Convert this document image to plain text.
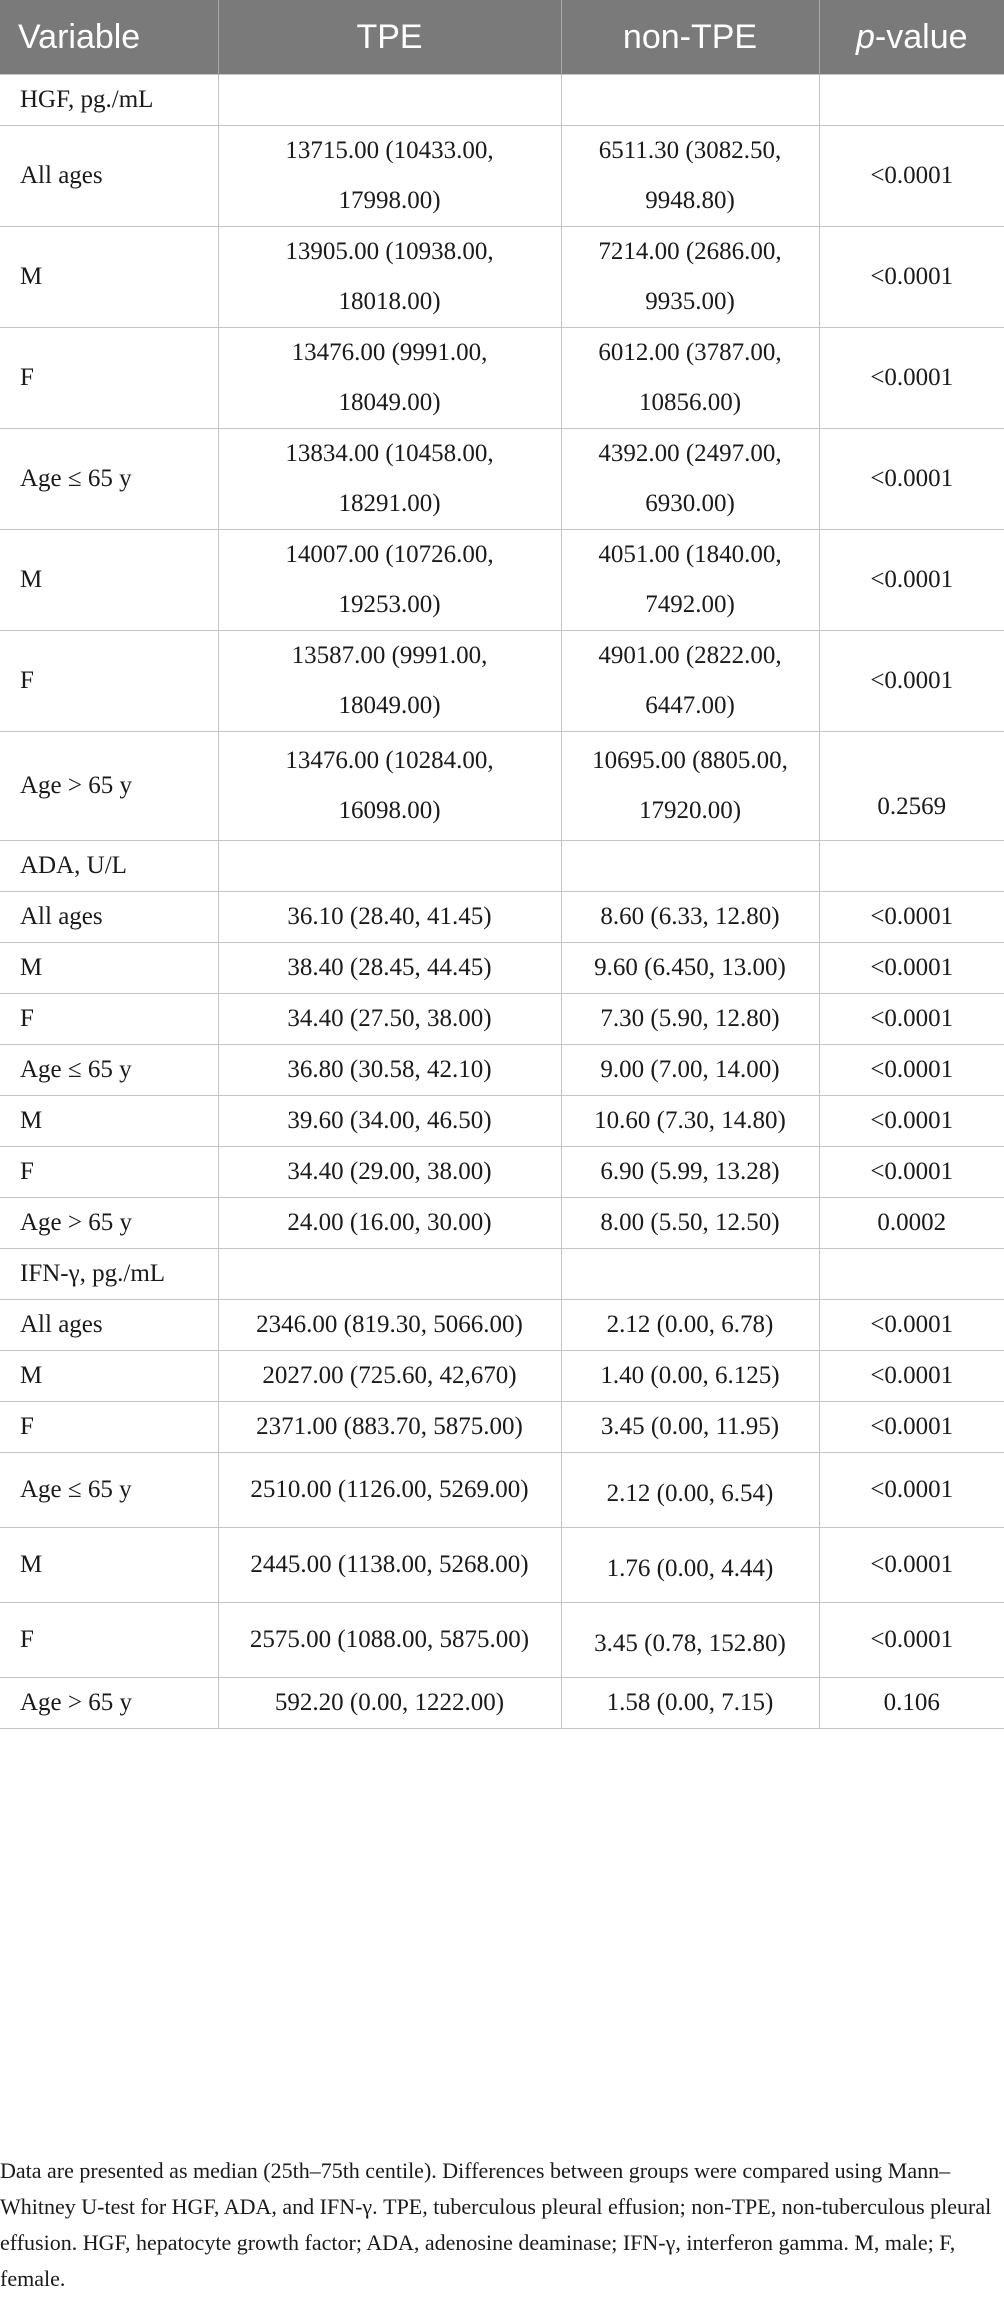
Variable	TPE	non-TPE	p-value
HGF, pg./mL			
All ages	13715.00 (10433.00, 17998.00)	6511.30 (3082.50, 9948.80)	<0.0001
M	13905.00 (10938.00, 18018.00)	7214.00 (2686.00, 9935.00)	<0.0001
F	13476.00 (9991.00, 18049.00)	6012.00 (3787.00, 10856.00)	<0.0001
Age ≤ 65 y	13834.00 (10458.00, 18291.00)	4392.00 (2497.00, 6930.00)	<0.0001
M	14007.00 (10726.00, 19253.00)	4051.00 (1840.00, 7492.00)	<0.0001
F	13587.00 (9991.00, 18049.00)	4901.00 (2822.00, 6447.00)	<0.0001
Age > 65 y	13476.00 (10284.00, 16098.00)	10695.00 (8805.00, 17920.00)	0.2569
ADA, U/L			
All ages	36.10 (28.40, 41.45)	8.60 (6.33, 12.80)	<0.0001
M	38.40 (28.45, 44.45)	9.60 (6.450, 13.00)	<0.0001
F	34.40 (27.50, 38.00)	7.30 (5.90, 12.80)	<0.0001
Age ≤ 65 y	36.80 (30.58, 42.10)	9.00 (7.00, 14.00)	<0.0001
M	39.60 (34.00, 46.50)	10.60 (7.30, 14.80)	<0.0001
F	34.40 (29.00, 38.00)	6.90 (5.99, 13.28)	<0.0001
Age > 65 y	24.00 (16.00, 30.00)	8.00 (5.50, 12.50)	0.0002
IFN-γ, pg./mL			
All ages	2346.00 (819.30, 5066.00)	2.12 (0.00, 6.78)	<0.0001
M	2027.00 (725.60, 42,670)	1.40 (0.00, 6.125)	<0.0001
F	2371.00 (883.70, 5875.00)	3.45 (0.00, 11.95)	<0.0001
Age ≤ 65 y	2510.00 (1126.00, 5269.00)	2.12 (0.00, 6.54)	<0.0001
M	2445.00 (1138.00, 5268.00)	1.76 (0.00, 4.44)	<0.0001
F	2575.00 (1088.00, 5875.00)	3.45 (0.78, 152.80)	<0.0001
Age > 65 y	592.20 (0.00, 1222.00)	1.58 (0.00, 7.15)	0.106

Data are presented as median (25th–75th centile). Differences between groups were compared using Mann–Whitney U-test for HGF, ADA, and IFN-γ. TPE, tuberculous pleural effusion; non-TPE, non-tuberculous pleural effusion. HGF, hepatocyte growth factor; ADA, adenosine deaminase; IFN-γ, interferon gamma. M, male; F, female.
